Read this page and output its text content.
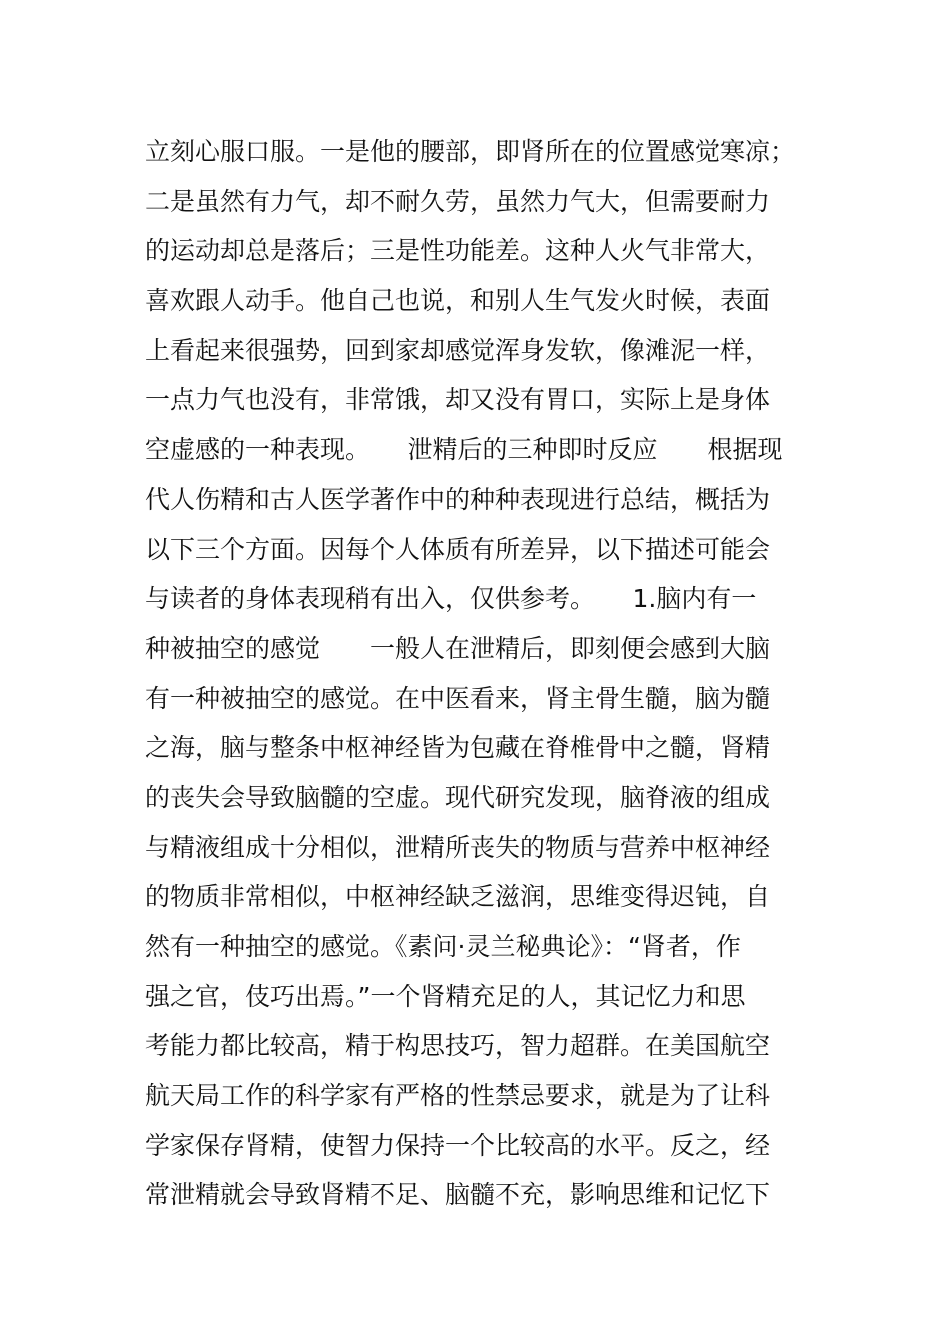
立刻心服口服。一是他的腰部，即肾所在的位置感觉寒凉；
二是虽然有力气，却不耐久劳，虽然力气大，但需要耐力
的运动却总是落后；三是性功能差。这种人火气非常大，
喜欢跟人动手。他自己也说，和别人生气发火时候，表面
上看起来很强势，回到家却感觉浑身发软，像滩泥一样，
一点力气也没有，非常饿，却又没有胃口，实际上是身体
空虚感的一种表现。　　泄精后的三种即时反应　　根据现
代人伤精和古人医学著作中的种种表现进行总结，概括为
以下三个方面。因每个人体质有所差异，以下描述可能会
与读者的身体表现稍有出入，仅供参考。　　1.脑内有一
种被抽空的感觉　　一般人在泄精后，即刻便会感到大脑
有一种被抽空的感觉。在中医看来，肾主骨生髓，脑为髓
之海，脑与整条中枢神经皆为包藏在脊椎骨中之髓，肾精
的丧失会导致脑髓的空虚。现代研究发现，脑脊液的组成
与精液组成十分相似，泄精所丧失的物质与营养中枢神经
的物质非常相似，中枢神经缺乏滋润，思维变得迟钝，自
然有一种抽空的感觉。《素问·灵兰秘典论》：“肾者，作
强之官，伎巧出焉。”一个肾精充足的人，其记忆力和思
考能力都比较高，精于构思技巧，智力超群。在美国航空
航天局工作的科学家有严格的性禁忌要求，就是为了让科
学家保存肾精，使智力保持一个比较高的水平。反之，经
常泄精就会导致肾精不足、脑髓不充，影响思维和记忆下
